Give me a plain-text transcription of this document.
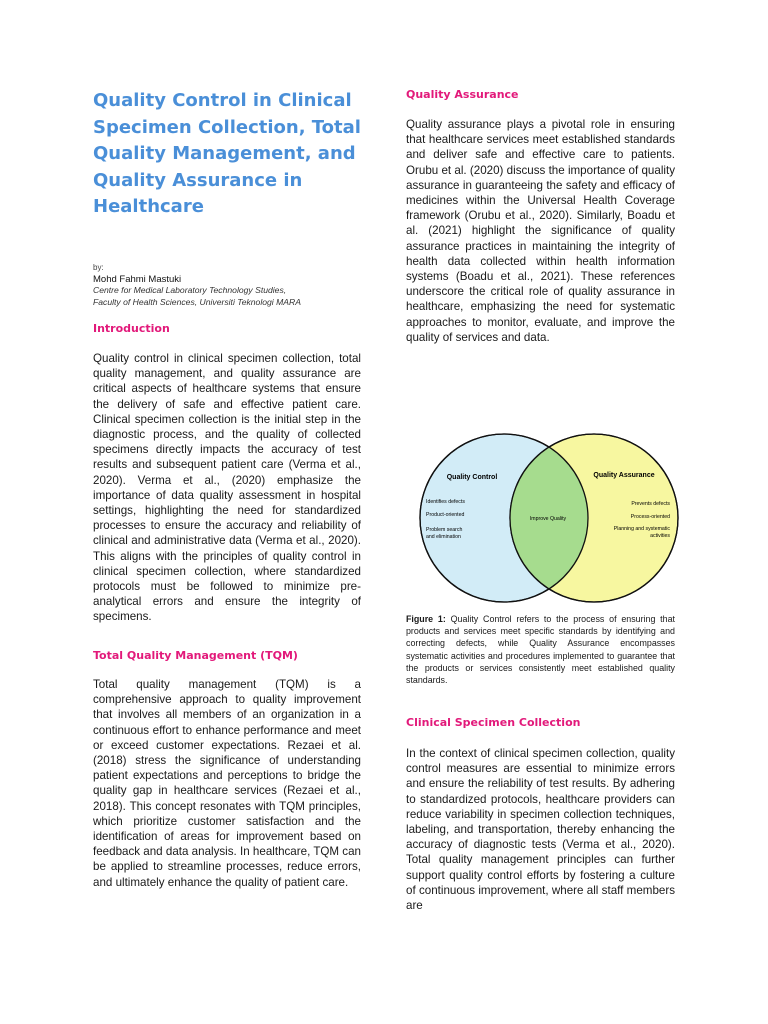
Quality Control in Clinical Specimen Collection, Total Quality Management, and Quality Assurance in Healthcare
by:
Mohd Fahmi Mastuki
Centre for Medical Laboratory Technology Studies,
Faculty of Health Sciences, Universiti Teknologi MARA
Introduction

Quality control in clinical specimen collection, total quality management, and quality assurance are critical aspects of healthcare systems that ensure the delivery of safe and effective patient care. Clinical specimen collection is the initial step in the diagnostic process, and the quality of collected specimens directly impacts the accuracy of test results and subsequent patient care (Verma et al., 2020). Verma et al., (2020) emphasize the importance of data quality assessment in hospital settings, highlighting the need for standardized processes to ensure the accuracy and reliability of clinical and administrative data (Verma et al., 2020). This aligns with the principles of quality control in clinical specimen collection, where standardized protocols must be followed to minimize pre-analytical errors and ensure the integrity of specimens.

Total Quality Management (TQM)

Total quality management (TQM) is a comprehensive approach to quality improvement that involves all members of an organization in a continuous effort to enhance performance and meet or exceed customer expectations. Rezaei et al. (2018) stress the significance of understanding patient expectations and perceptions to bridge the quality gap in healthcare services (Rezaei et al., 2018). This concept resonates with TQM principles, which prioritize customer satisfaction and the identification of areas for improvement based on feedback and data analysis. In healthcare, TQM can be applied to streamline processes, reduce errors, and ultimately enhance the quality of patient care.

Quality Assurance

Quality assurance plays a pivotal role in ensuring that healthcare services meet established standards and deliver safe and effective care to patients. Orubu et al. (2020) discuss the importance of quality assurance in guaranteeing the safety and efficacy of medicines within the Universal Health Coverage framework (Orubu et al., 2020). Similarly, Boadu et al. (2021) highlight the significance of quality assurance practices in maintaining the integrity of health data collected within health information systems (Boadu et al., 2021). These references underscore the critical role of quality assurance in healthcare, emphasizing the need for systematic approaches to monitor, evaluate, and improve the quality of services and data.

Quality Control
Identifies defects
Product-oriented
Problem search
and elimination
Improve Quality
Quality Assurance
Prevents defects
Process-oriented
Planning and systematic
activities

Figure 1: Quality Control refers to the process of ensuring that products and services meet specific standards by identifying and correcting defects, while Quality Assurance encompasses systematic activities and procedures implemented to guarantee that the products or services consistently meet established quality standards.

Clinical Specimen Collection

In the context of clinical specimen collection, quality control measures are essential to minimize errors and ensure the reliability of test results. By adhering to standardized protocols, healthcare providers can reduce variability in specimen collection techniques, labeling, and transportation, thereby enhancing the accuracy of diagnostic tests (Verma et al., 2020). Total quality management principles can further support quality control efforts by fostering a culture of continuous improvement, where all staff members are
